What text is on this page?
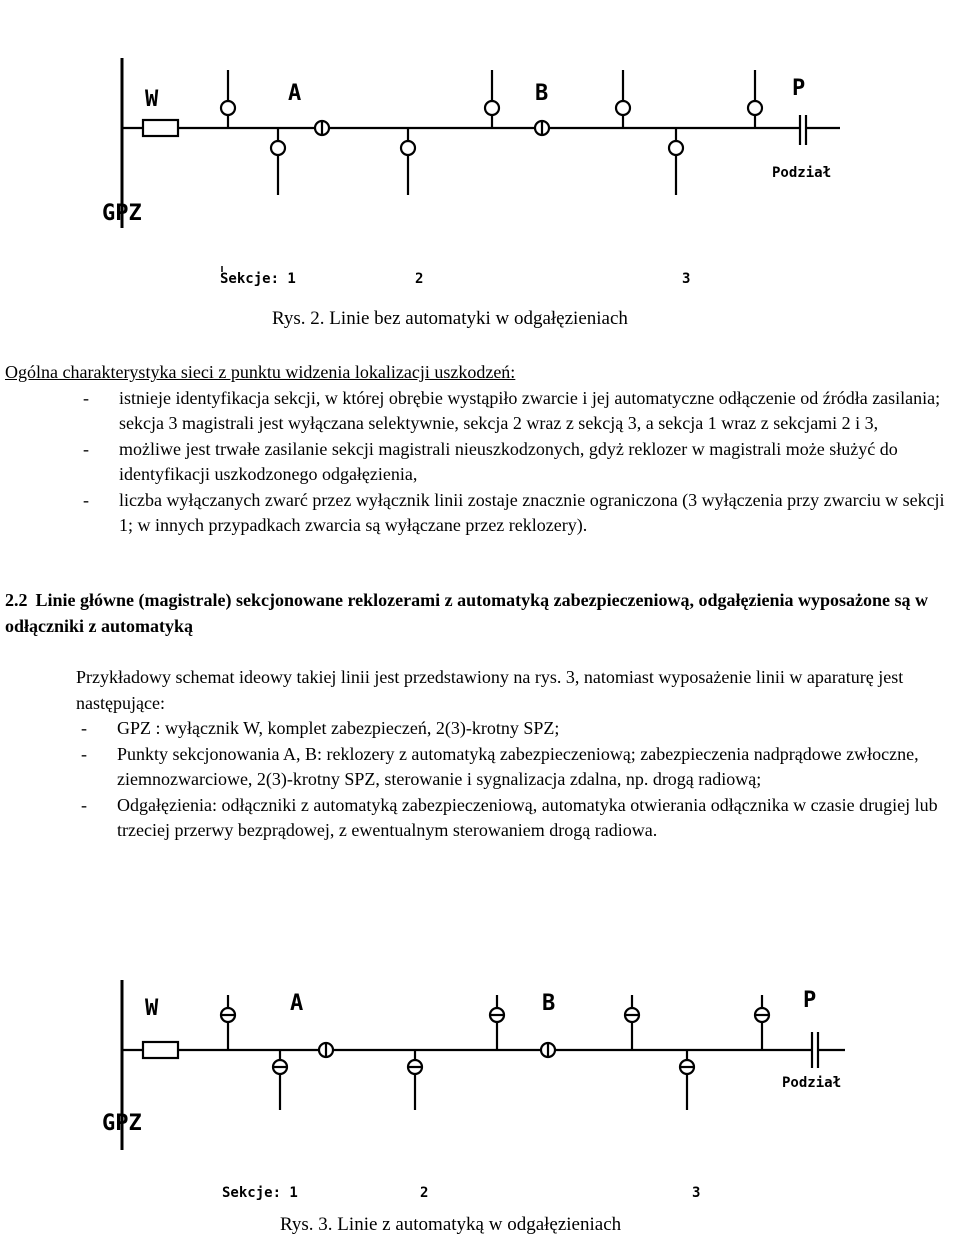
W	A	B	P
GPZ
Podział
Sekcje: 1	2	3
Rys. 2. Linie bez automatyki w odgałęzieniach
Ogólna charakterystyka sieci z punktu widzenia lokalizacji uszkodzeń:
-	istnieje identyfikacja sekcji, w której obrębie wystąpiło zwarcie i jej automatyczne odłączenie od źródła zasilania; sekcja 3 magistrali jest wyłączana selektywnie, sekcja 2 wraz z sekcją 3, a sekcja 1 wraz z sekcjami 2 i 3,
-	możliwe jest trwałe zasilanie sekcji magistrali nieuszkodzonych, gdyż reklozer w magistrali może służyć do identyfikacji uszkodzonego odgałęzienia,
-	liczba wyłączanych zwarć przez wyłącznik linii zostaje znacznie ograniczona (3 wyłączenia przy zwarciu w sekcji 1; w innych przypadkach zwarcia są wyłączane przez reklozery).
2.2 Linie główne (magistrale) sekcjonowane reklozerami z automatyką zabezpieczeniową, odgałęzienia wyposażone są w odłączniki z automatyką
Przykładowy schemat ideowy takiej linii jest przedstawiony na rys. 3, natomiast wyposażenie linii w aparaturę jest następujące:
-	GPZ : wyłącznik W, komplet zabezpieczeń, 2(3)-krotny SPZ;
-	Punkty sekcjonowania A, B: reklozery z automatyką zabezpieczeniową; zabezpieczenia nadprądowe zwłoczne, ziemnozwarciowe, 2(3)-krotny SPZ, sterowanie i sygnalizacja zdalna, np. drogą radiową;
-	Odgałęzienia: odłączniki z automatyką zabezpieczeniową, automatyka otwierania odłącznika w czasie drugiej lub trzeciej przerwy bezprądowej, z ewentualnym sterowaniem drogą radiowa.
W	A	B	P
GPZ
Podział
Sekcje: 1	2	3
Rys. 3. Linie z automatyką w odgałęzieniach
